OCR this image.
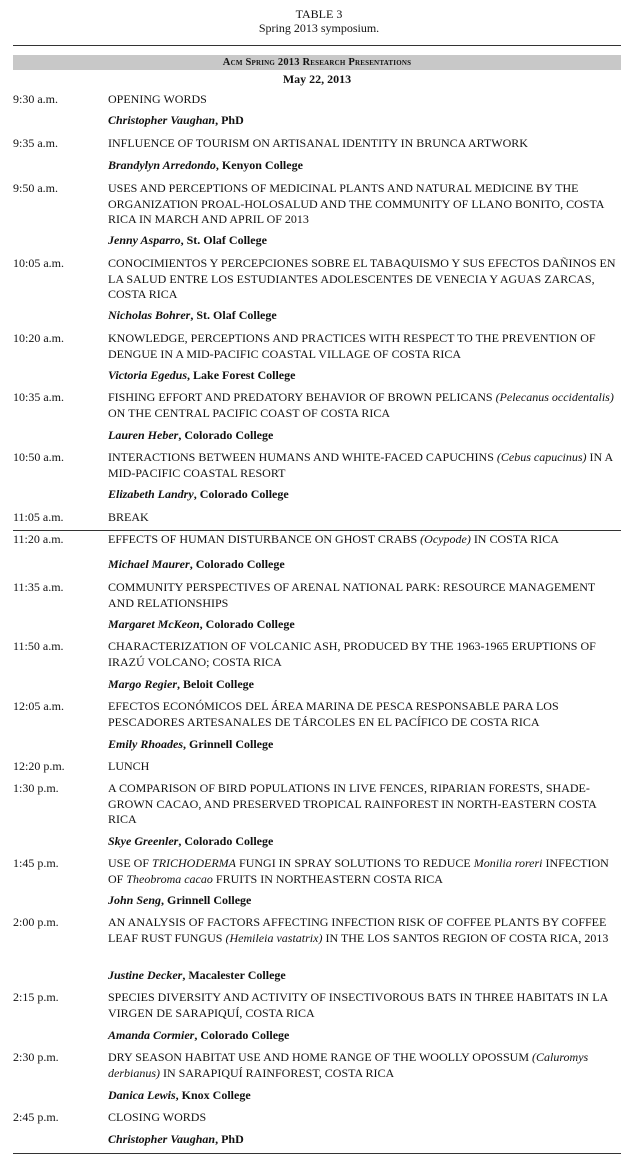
TABLE 3
Spring 2013 symposium.
Acm Spring 2013 Research Presentations
May 22, 2013
9:30 a.m.	OPENING WORDS
Christopher Vaughan, PhD
9:35 a.m.	INFLUENCE OF TOURISM ON ARTISANAL IDENTITY IN BRUNCA ARTWORK
Brandylyn Arredondo, Kenyon College
9:50 a.m.	USES AND PERCEPTIONS OF MEDICINAL PLANTS AND NATURAL MEDICINE BY THE ORGANIZATION PROAL-HOLOSALUD AND THE COMMUNITY OF LLANO BONITO, COSTA RICA IN MARCH AND APRIL OF 2013
Jenny Asparro, St. Olaf College
10:05 a.m.	CONOCIMIENTOS Y PERCEPCIONES SOBRE EL TABAQUISMO Y SUS EFECTOS DAÑINOS EN LA SALUD ENTRE LOS ESTUDIANTES ADOLESCENTES DE VENECIA Y AGUAS ZARCAS, COSTA RICA
Nicholas Bohrer, St. Olaf College
10:20 a.m.	KNOWLEDGE, PERCEPTIONS AND PRACTICES WITH RESPECT TO THE PREVENTION OF DENGUE IN A MID-PACIFIC COASTAL VILLAGE OF COSTA RICA
Victoria Egedus, Lake Forest College
10:35 a.m.	FISHING EFFORT AND PREDATORY BEHAVIOR OF BROWN PELICANS (Pelecanus occidentalis) ON THE CENTRAL PACIFIC COAST OF COSTA RICA
Lauren Heber, Colorado College
10:50 a.m.	INTERACTIONS BETWEEN HUMANS AND WHITE-FACED CAPUCHINS (Cebus capucinus) IN A MID-PACIFIC COASTAL RESORT
Elizabeth Landry, Colorado College
11:05 a.m.	BREAK
11:20 a.m.	EFFECTS OF HUMAN DISTURBANCE ON GHOST CRABS (Ocypode) IN COSTA RICA
Michael Maurer, Colorado College
11:35 a.m.	COMMUNITY PERSPECTIVES OF ARENAL NATIONAL PARK: RESOURCE MANAGEMENT AND RELATIONSHIPS
Margaret McKeon, Colorado College
11:50 a.m.	CHARACTERIZATION OF VOLCANIC ASH, PRODUCED BY THE 1963-1965 ERUPTIONS OF IRAZÚ VOLCANO; COSTA RICA
Margo Regier, Beloit College
12:05 a.m.	EFECTOS ECONÓMICOS DEL ÁREA MARINA DE PESCA RESPONSABLE PARA LOS PESCADORES ARTESANALES DE TÁRCOLES EN EL PACÍFICO DE COSTA RICA
Emily Rhoades, Grinnell College
12:20 p.m.	LUNCH
1:30 p.m.	A COMPARISON OF BIRD POPULATIONS IN LIVE FENCES, RIPARIAN FORESTS, SHADE-GROWN CACAO, AND PRESERVED TROPICAL RAINFOREST IN NORTH-EASTERN COSTA RICA
Skye Greenler, Colorado College
1:45 p.m.	USE OF TRICHODERMA FUNGI IN SPRAY SOLUTIONS TO REDUCE Monilia roreri INFECTION OF Theobroma cacao FRUITS IN NORTHEASTERN COSTA RICA
John Seng, Grinnell College
2:00 p.m.	AN ANALYSIS OF FACTORS AFFECTING INFECTION RISK OF COFFEE PLANTS BY COFFEE LEAF RUST FUNGUS (Hemileia vastatrix) IN THE LOS SANTOS REGION OF COSTA RICA, 2013
Justine Decker, Macalester College
2:15 p.m.	SPECIES DIVERSITY AND ACTIVITY OF INSECTIVOROUS BATS IN THREE HABITATS IN LA VIRGEN DE SARAPIQUÍ, COSTA RICA
Amanda Cormier, Colorado College
2:30 p.m.	DRY SEASON HABITAT USE AND HOME RANGE OF THE WOOLLY OPOSSUM (Caluromys derbianus) IN SARAPIQUÍ RAINFOREST, COSTA RICA
Danica Lewis, Knox College
2:45 p.m.	CLOSING WORDS
Christopher Vaughan, PhD
